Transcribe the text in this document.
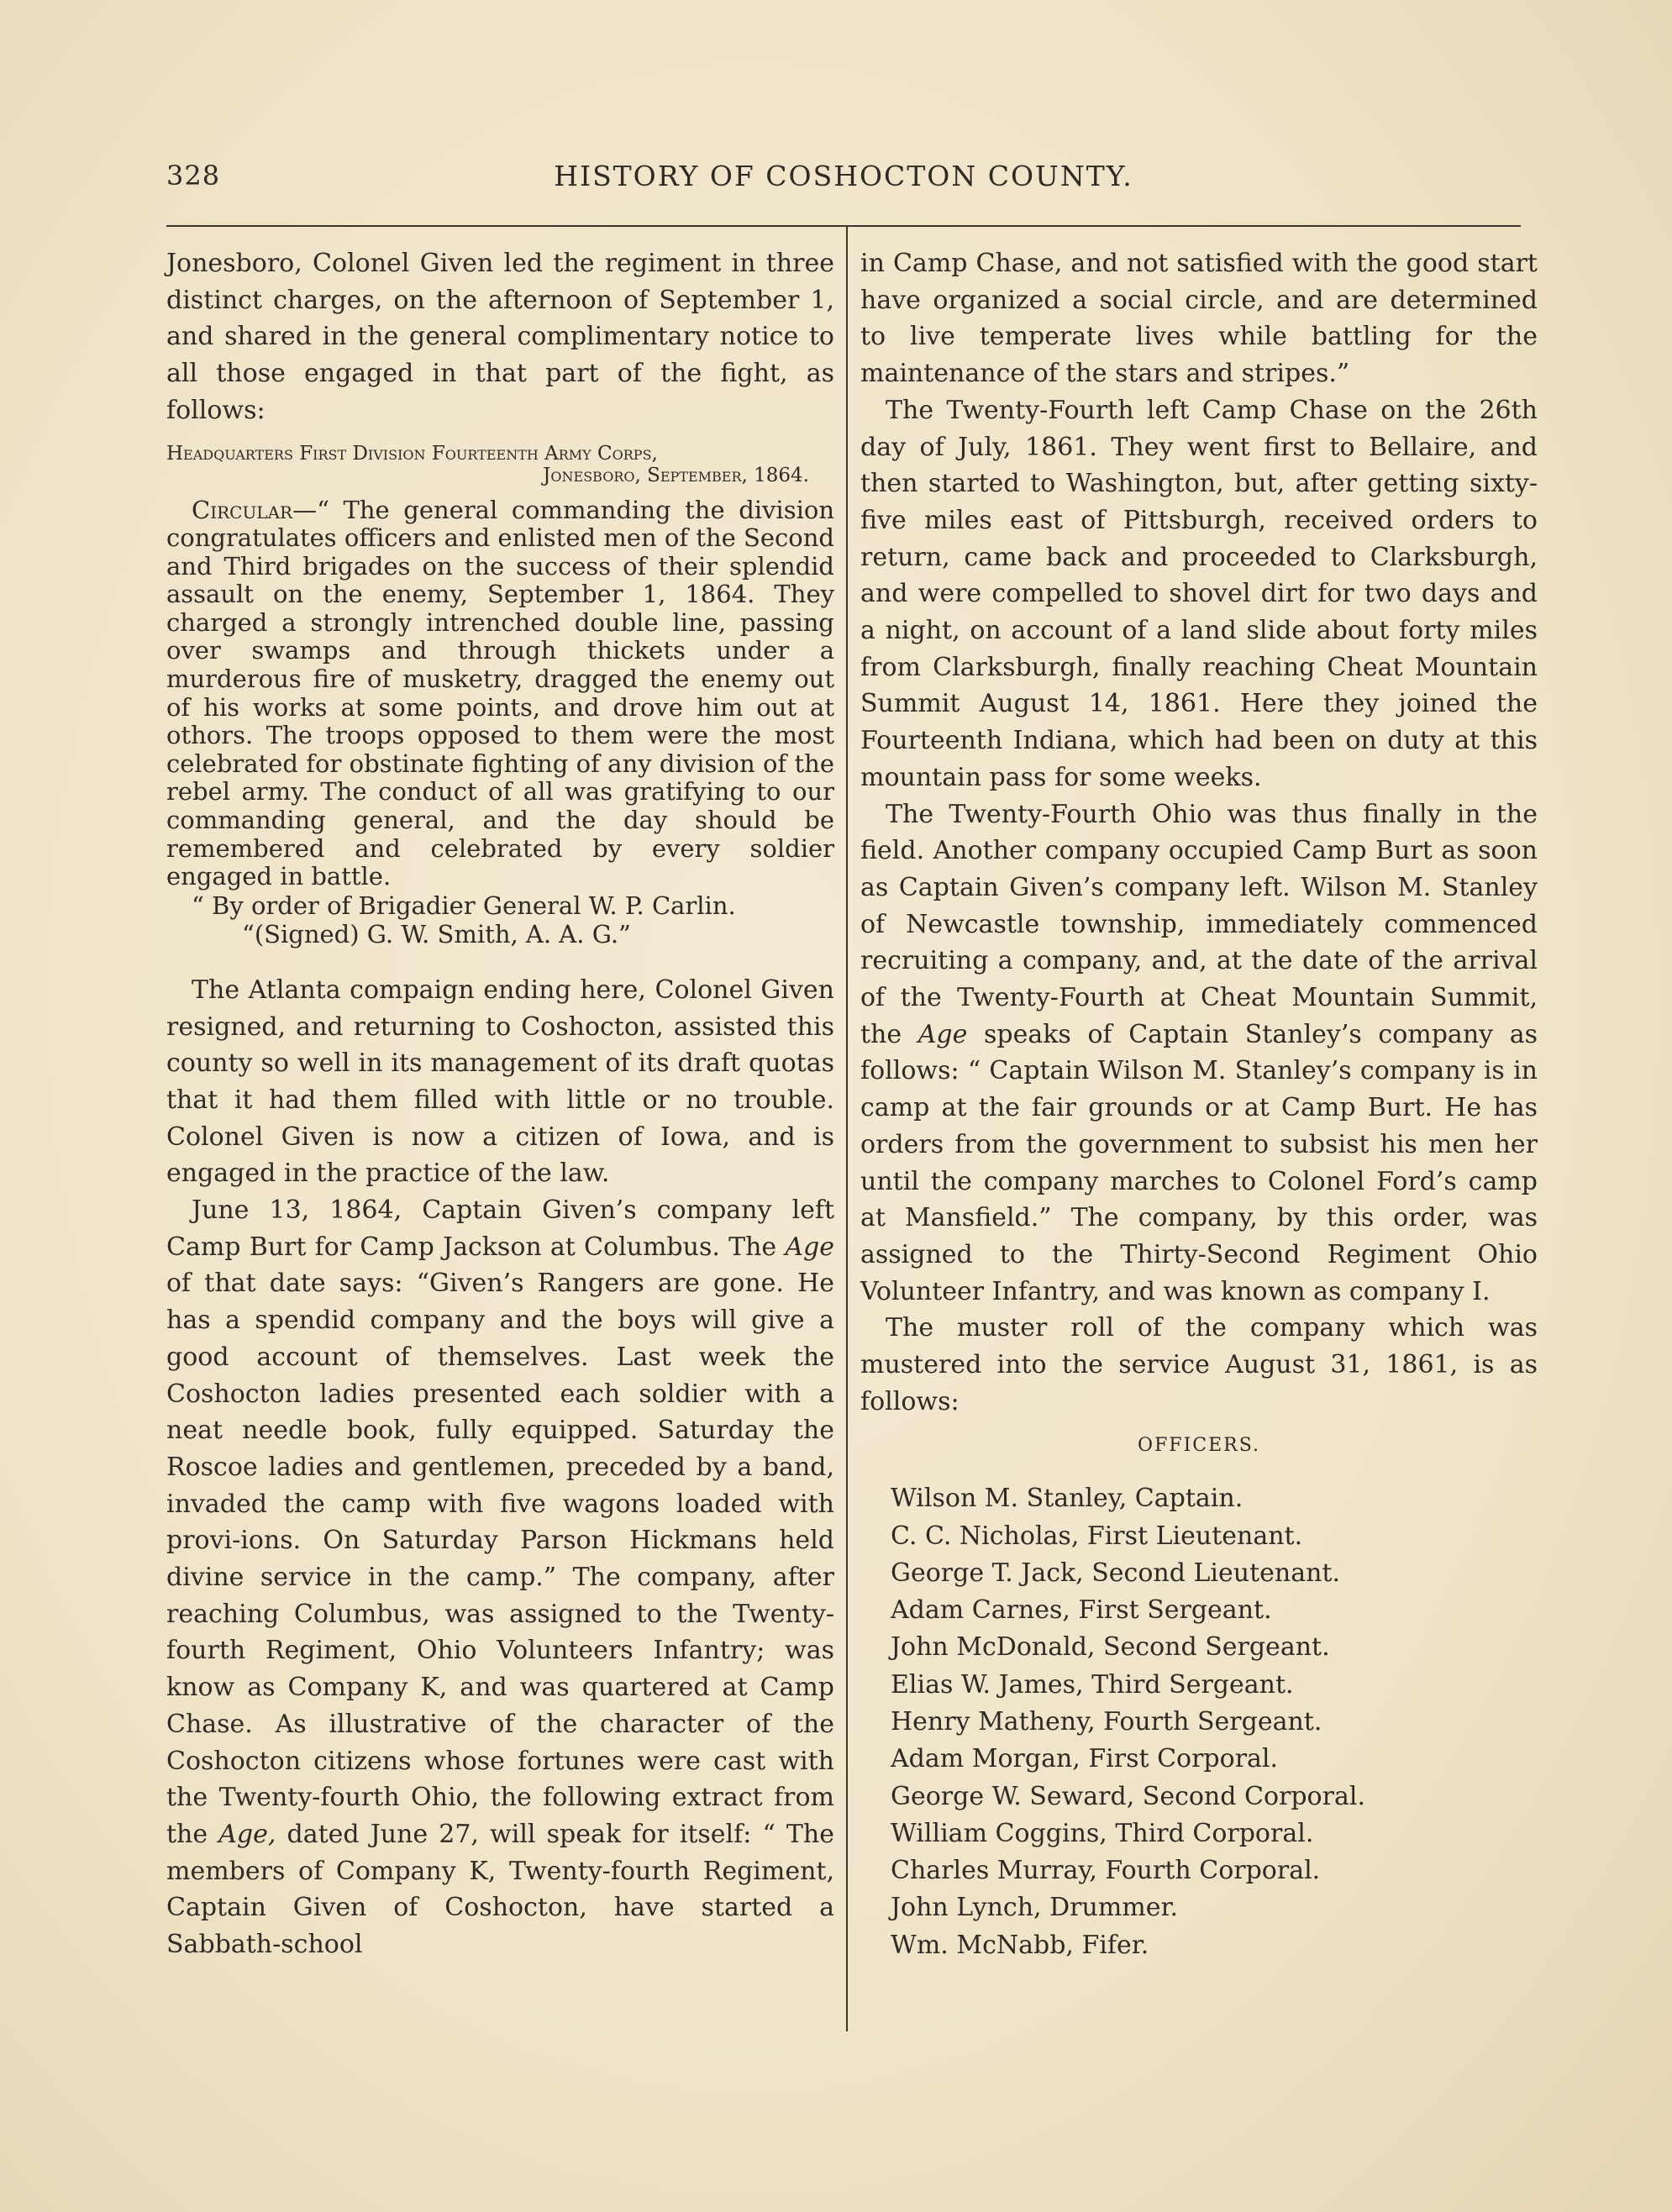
328	HISTORY OF COSHOCTON COUNTY.

Jonesboro, Colonel Given led the regiment in three distinct charges, on the afternoon of September 1, and shared in the general complimentary notice to all those engaged in that part of the fight, as follows:

Headquarters First Division Fourteenth Army Corps,
Jonesboro, September, 1864.

Circular—“ The general commanding the division congratulates officers and enlisted men of the Second and Third brigades on the success of their splendid assault on the enemy, September 1, 1864. They charged a strongly intrenched double line, passing over swamps and through thickets under a murderous fire of musketry, dragged the enemy out of his works at some points, and drove him out at othors. The troops opposed to them were the most celebrated for obstinate fighting of any division of the rebel army. The conduct of all was gratifying to our commanding general, and the day should be remembered and celebrated by every soldier engaged in battle.

“ By order of Brigadier General W. P. Carlin.
“(Signed) G. W. Smith, A. A. G.”

The Atlanta compaign ending here, Colonel Given resigned, and returning to Coshocton, assisted this county so well in its management of its draft quotas that it had them filled with little or no trouble. Colonel Given is now a citizen of Iowa, and is engaged in the practice of the law.

June 13, 1864, Captain Given’s company left Camp Burt for Camp Jackson at Columbus. The Age of that date says: “Given’s Rangers are gone. He has a spendid company and the boys will give a good account of themselves. Last week the Coshocton ladies presented each soldier with a neat needle book, fully equipped. Saturday the Roscoe ladies and gentlemen, preceded by a band, invaded the camp with five wagons loaded with provi-ions. On Saturday Parson Hickmans held divine service in the camp.” The company, after reaching Columbus, was assigned to the Twenty-fourth Regiment, Ohio Volunteers Infantry; was know as Company K, and was quartered at Camp Chase. As illustrative of the character of the Coshocton citizens whose fortunes were cast with the Twenty-fourth Ohio, the following extract from the Age, dated June 27, will speak for itself: “ The members of Company K, Twenty-fourth Regiment, Captain Given of Coshocton, have started a Sabbath-school

in Camp Chase, and not satisfied with the good start have organized a social circle, and are determined to live temperate lives while battling for the maintenance of the stars and stripes.”

The Twenty-Fourth left Camp Chase on the 26th day of July, 1861. They went first to Bellaire, and then started to Washington, but, after getting sixty-five miles east of Pittsburgh, received orders to return, came back and proceeded to Clarksburgh, and were compelled to shovel dirt for two days and a night, on account of a land slide about forty miles from Clarksburgh, finally reaching Cheat Mountain Summit August 14, 1861. Here they joined the Fourteenth Indiana, which had been on duty at this mountain pass for some weeks.

The Twenty-Fourth Ohio was thus finally in the field. Another company occupied Camp Burt as soon as Captain Given’s company left. Wilson M. Stanley of Newcastle township, immediately commenced recruiting a company, and, at the date of the arrival of the Twenty-Fourth at Cheat Mountain Summit, the Age speaks of Captain Stanley’s company as follows: “ Captain Wilson M. Stanley’s company is in camp at the fair grounds or at Camp Burt. He has orders from the government to subsist his men her until the company marches to Colonel Ford’s camp at Mansfield.” The company, by this order, was assigned to the Thirty-Second Regiment Ohio Volunteer Infantry, and was known as company I.

The muster roll of the company which was mustered into the service August 31, 1861, is as follows:

OFFICERS.
Wilson M. Stanley, Captain.
C. C. Nicholas, First Lieutenant.
George T. Jack, Second Lieutenant.
Adam Carnes, First Sergeant.
John McDonald, Second Sergeant.
Elias W. James, Third Sergeant.
Henry Matheny, Fourth Sergeant.
Adam Morgan, First Corporal.
George W. Seward, Second Corporal.
William Coggins, Third Corporal.
Charles Murray, Fourth Corporal.
John Lynch, Drummer.
Wm. McNabb, Fifer.
